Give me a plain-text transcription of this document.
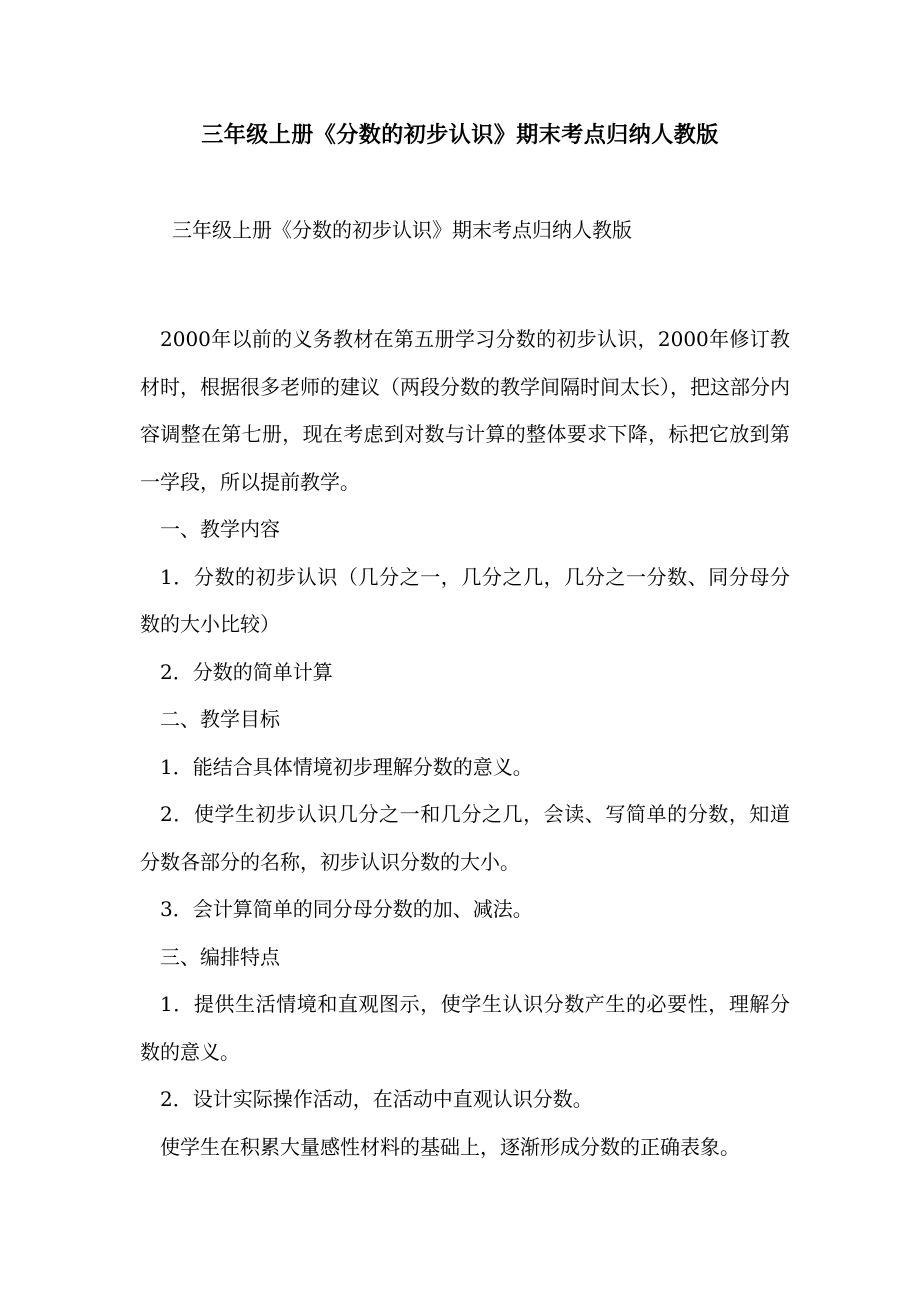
三年级上册《分数的初步认识》期末考点归纳人教版
三年级上册《分数的初步认识》期末考点归纳人教版

2000年以前的义务教材在第五册学习分数的初步认识，2000年修订教材时，根据很多老师的建议（两段分数的教学间隔时间太长），把这部分内容调整在第七册，现在考虑到对数与计算的整体要求下降，标把它放到第一学段，所以提前教学。

一、教学内容

1．分数的初步认识（几分之一，几分之几，几分之一分数、同分母分数的大小比较）

2．分数的简单计算

二、教学目标

1．能结合具体情境初步理解分数的意义。

2．使学生初步认识几分之一和几分之几，会读、写简单的分数，知道分数各部分的名称，初步认识分数的大小。

3．会计算简单的同分母分数的加、减法。

三、编排特点

1．提供生活情境和直观图示，使学生认识分数产生的必要性，理解分数的意义。

2．设计实际操作活动，在活动中直观认识分数。

使学生在积累大量感性材料的基础上，逐渐形成分数的正确表象。
